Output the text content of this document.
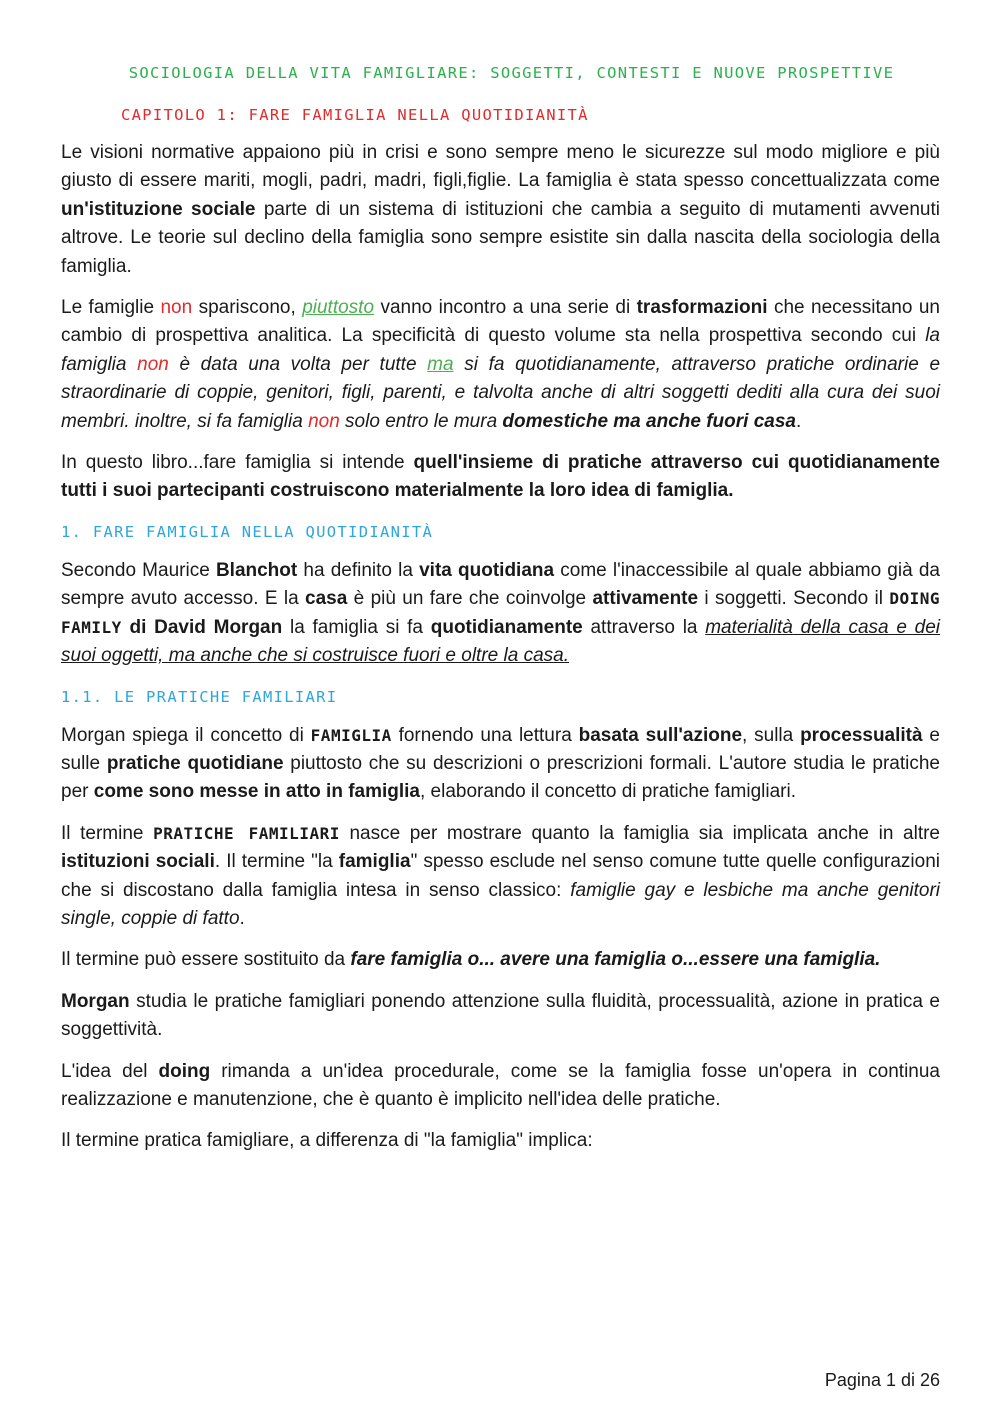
SOCIOLOGIA DELLA VITA FAMIGLIARE: SOGGETTI, CONTESTI E NUOVE PROSPETTIVE
CAPITOLO 1: FARE FAMIGLIA NELLA QUOTIDIANITÀ

Le visioni normative appaiono più in crisi e sono sempre meno le sicurezze sul modo migliore e più giusto di essere mariti, mogli, padri, madri, figli,figlie. La famiglia è stata spesso concettualizzata come un'istituzione sociale parte di un sistema di istituzioni che cambia a seguito di mutamenti avvenuti altrove. Le teorie sul declino della famiglia sono sempre esistite sin dalla nascita della sociologia della famiglia.

Le famiglie non spariscono, piuttosto vanno incontro a una serie di trasformazioni che necessitano un cambio di prospettiva analitica. La specificità di questo volume sta nella prospettiva secondo cui la famiglia non è data una volta per tutte ma si fa quotidianamente, attraverso pratiche ordinarie e straordinarie di coppie, genitori, figli, parenti, e talvolta anche di altri soggetti dediti alla cura dei suoi membri. inoltre, si fa famiglia non solo entro le mura domestiche ma anche fuori casa.

In questo libro...fare famiglia si intende quell'insieme di pratiche attraverso cui quotidianamente tutti i suoi partecipanti costruiscono materialmente la loro idea di famiglia.

1. FARE FAMIGLIA NELLA QUOTIDIANITÀ

Secondo Maurice Blanchot ha definito la vita quotidiana come l'inaccessibile al quale abbiamo già da sempre avuto accesso. E la casa è più un fare che coinvolge attivamente i soggetti. Secondo il DOING FAMILY di David Morgan la famiglia si fa quotidianamente attraverso la materialità della casa e dei suoi oggetti, ma anche che si costruisce fuori e oltre la casa.

1.1. LE PRATICHE FAMILIARI

Morgan spiega il concetto di FAMIGLIA fornendo una lettura basata sull'azione, sulla processualità e sulle pratiche quotidiane piuttosto che su descrizioni o prescrizioni formali. L'autore studia le pratiche per come sono messe in atto in famiglia, elaborando il concetto di pratiche famigliari.

Il termine PRATICHE FAMILIARI nasce per mostrare quanto la famiglia sia implicata anche in altre istituzioni sociali. Il termine "la famiglia" spesso esclude nel senso comune tutte quelle configurazioni che si discostano dalla famiglia intesa in senso classico: famiglie gay e lesbiche ma anche genitori single, coppie di fatto.

Il termine può essere sostituito da fare famiglia o... avere una famiglia o...essere una famiglia.

Morgan studia le pratiche famigliari ponendo attenzione sulla fluidità, processualità, azione in pratica e soggettività.

L'idea del doing rimanda a un'idea procedurale, come se la famiglia fosse un'opera in continua realizzazione e manutenzione, che è quanto è implicito nell'idea delle pratiche.

Il termine pratica famigliare, a differenza di "la famiglia" implica:

Pagina 1 di 26
